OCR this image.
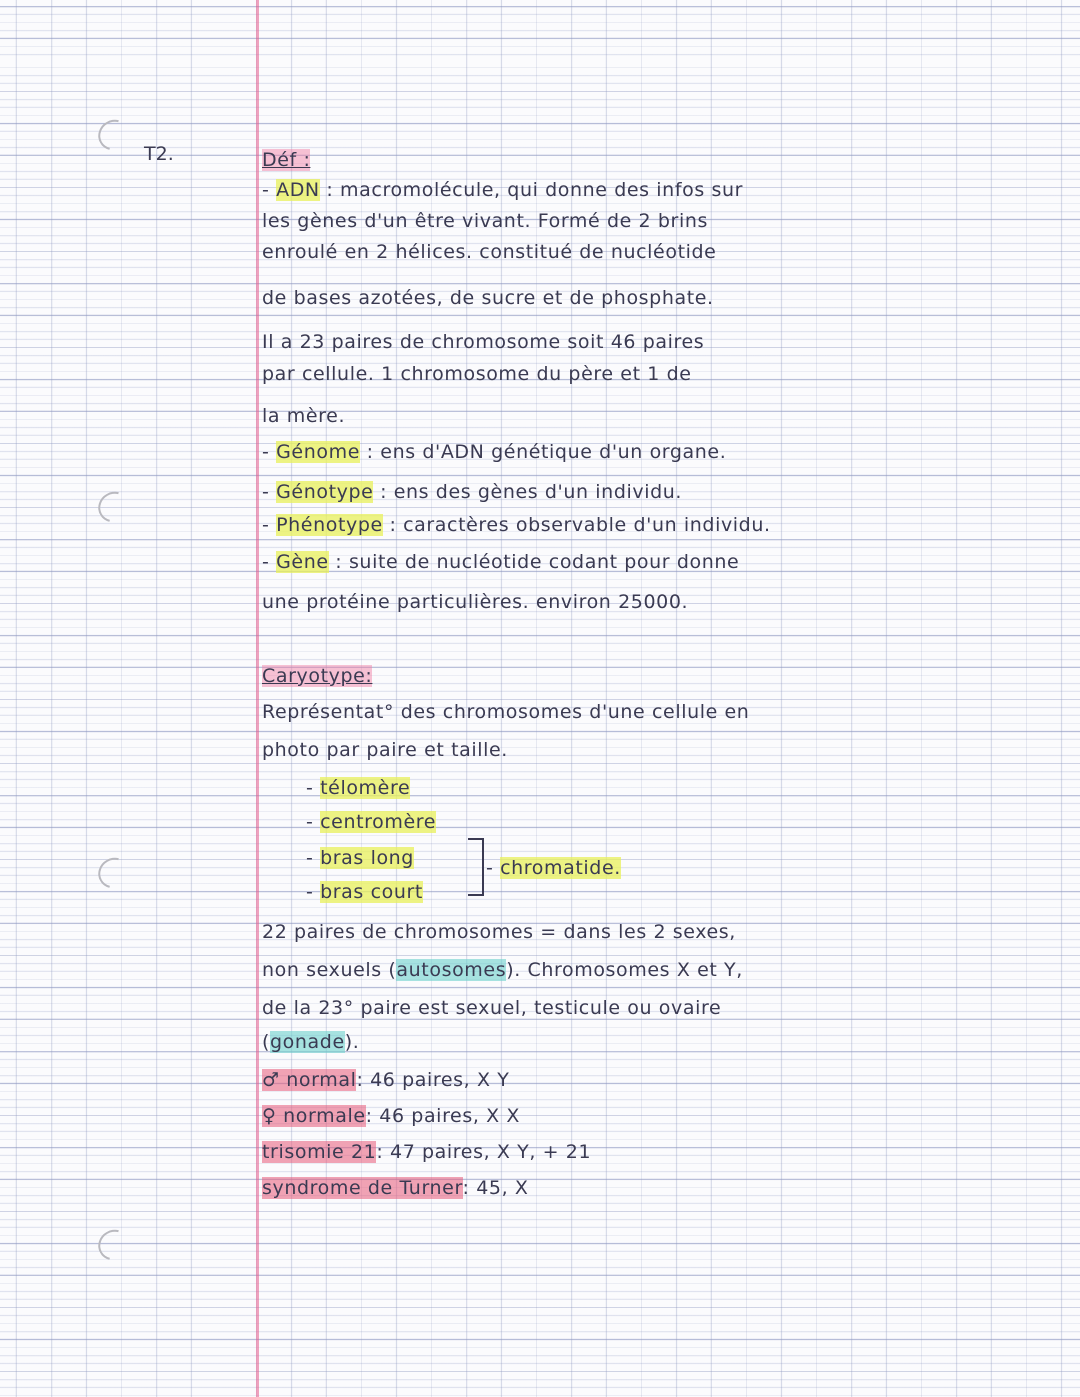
T2.	Déf :
- ADN : macromolécule, qui donne des infos sur
les gènes d'un être vivant. Formé de 2 brins
enroulé en 2 hélices. constitué de nucléotide
de bases azotées, de sucre et de phosphate.
Il a 23 paires de chromosome soit 46 paires
par cellule. 1 chromosome du père et 1 de
la mère.
- Génome : ens d'ADN génétique d'un organe.
- Génotype : ens des gènes d'un individu.
- Phénotype : caractères observable d'un individu.
- Gène : suite de nucléotide codant pour donne
une protéine particulières. environ 25000.
Caryotype:
Représentat° des chromosomes d'une cellule en
photo par paire et taille.
- télomère
- centromère
- bras long
- bras court
- chromatide.
22 paires de chromosomes = dans les 2 sexes,
non sexuels (autosomes). Chromosomes X et Y,
de la 23° paire est sexuel, testicule ou ovaire
(gonade).
♂ normal: 46 paires, X Y
♀ normale: 46 paires, X X
trisomie 21: 47 paires, X Y, + 21
syndrome de Turner: 45, X
